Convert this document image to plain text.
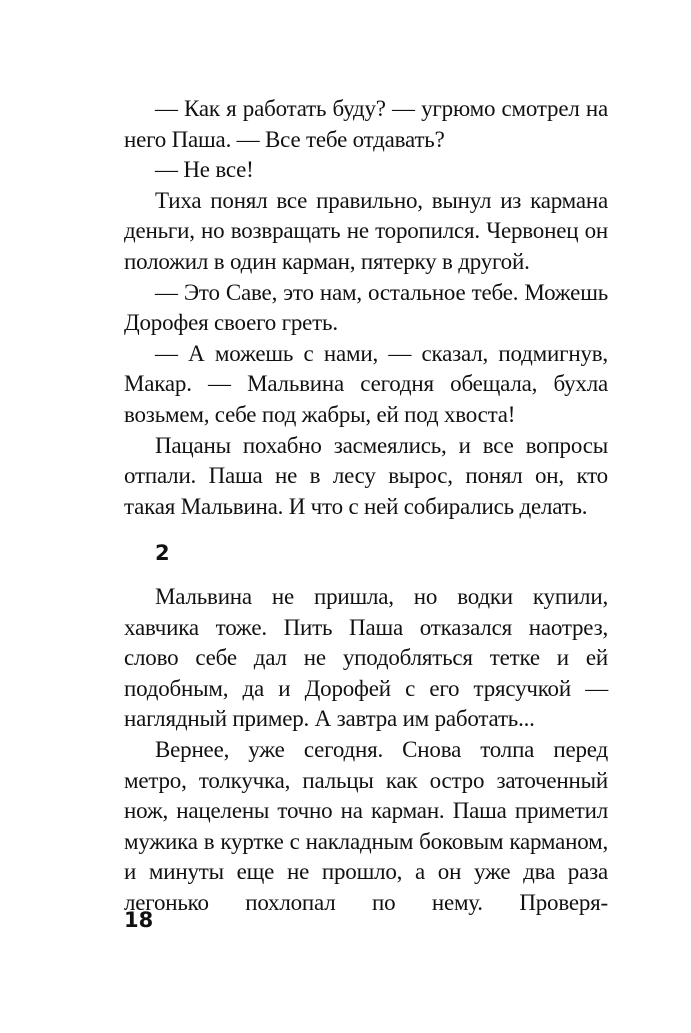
— Как я работать буду? — угрюмо смотрел на него Паша. — Все тебе отдавать?

— Не все!

Тиха понял все правильно, вынул из кармана деньги, но возвращать не торопился. Червонец он положил в один карман, пятерку в другой.

— Это Саве, это нам, остальное тебе. Можешь Дорофея своего греть.

— А можешь с нами, — сказал, подмигнув, Макар. — Мальвина сегодня обещала, бухла возьмем, себе под жабры, ей под хвоста!

Пацаны похабно засмеялись, и все вопросы отпали. Паша не в лесу вырос, понял он, кто такая Мальвина. И что с ней собирались делать.

2

Мальвина не пришла, но водки купили, хавчика тоже. Пить Паша отказался наотрез, слово себе дал не уподобляться тетке и ей подобным, да и Дорофей с его трясучкой — наглядный пример. А завтра им работать...

Вернее, уже сегодня. Снова толпа перед метро, толкучка, пальцы как остро заточенный нож, нацелены точно на карман. Паша приметил мужика в куртке с накладным боковым карманом, и минуты еще не прошло, а он уже два раза легонько похлопал по нему. Проверя-

18
